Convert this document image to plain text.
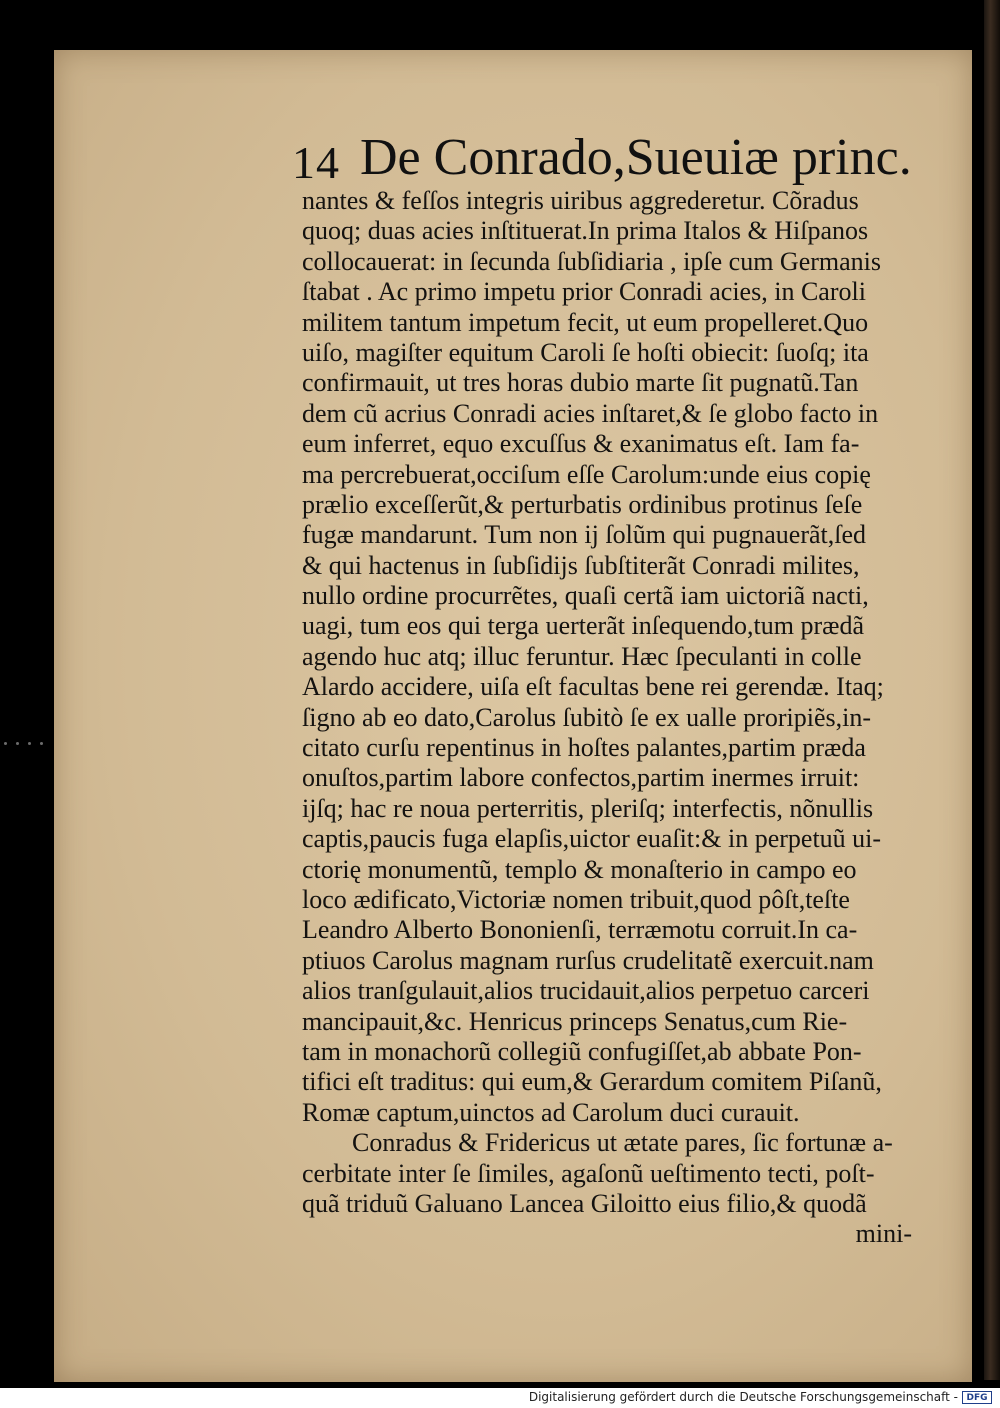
14 De Conrado,Sueuiæ princ.
nantes & feſſos integris uiribus aggrederetur. Cõradus
quoq; duas acies inſtituerat.In prima Italos & Hiſpanos
collocauerat: in ſecunda ſubſidiaria , ipſe cum Germanis
ſtabat . Ac primo impetu prior Conradi acies, in Caroli
militem tantum impetum fecit, ut eum propelleret.Quo
uiſo, magiſter equitum Caroli ſe hoſti obiecit: ſuoſq; ita
confirmauit, ut tres horas dubio marte ſit pugnatũ.Tan
dem cũ acrius Conradi acies inſtaret,& ſe globo facto in
eum inferret, equo excuſſus & exanimatus eſt. Iam fa-
ma percrebuerat,occiſum eſſe Carolum:unde eius copię
prælio exceſſerũt,& perturbatis ordinibus protinus ſeſe
fugæ mandarunt. Tum non ij ſolũm qui pugnauerãt,ſed
& qui hactenus in ſubſidijs ſubſtiterãt Conradi milites,
nullo ordine procurrẽtes, quaſi certã iam uictoriã nacti,
uagi, tum eos qui terga uerterãt inſequendo,tum prædã
agendo huc atq; illuc feruntur. Hæc ſpeculanti in colle
Alardo accidere, uiſa eſt facultas bene rei gerendæ. Itaq;
ſigno ab eo dato,Carolus ſubitò ſe ex ualle proripiẽs,in-
citato curſu repentinus in hoſtes palantes,partim præda
onuſtos,partim labore confectos,partim inermes irruit:
ijſq; hac re noua perterritis, pleriſq; interfectis, nõnullis
captis,paucis fuga elapſis,uictor euaſit:& in perpetuũ ui-
ctorię monumentũ, templo & monaſterio in campo eo
loco ædificato,Victoriæ nomen tribuit,quod pôſt,teſte
Leandro Alberto Bononienſi, terræmotu corruit.In ca-
ptiuos Carolus magnam rurſus crudelitatẽ exercuit.nam
alios tranſgulauit,alios trucidauit,alios perpetuo carceri
mancipauit,&c. Henricus princeps Senatus,cum Rie-
tam in monachorũ collegiũ confugiſſet,ab abbate Pon-
tifici eſt traditus: qui eum,& Gerardum comitem Piſanũ,
Romæ captum,uinctos ad Carolum duci curauit.
Conradus & Fridericus ut ætate pares, ſic fortunæ a-
cerbitate inter ſe ſimiles, agaſonũ ueſtimento tecti, poſt-
quã triduũ Galuano Lancea Giloitto eius filio,& quodã
mini-
Digitalisierung gefördert durch die Deutsche Forschungsgemeinschaft - DFG
